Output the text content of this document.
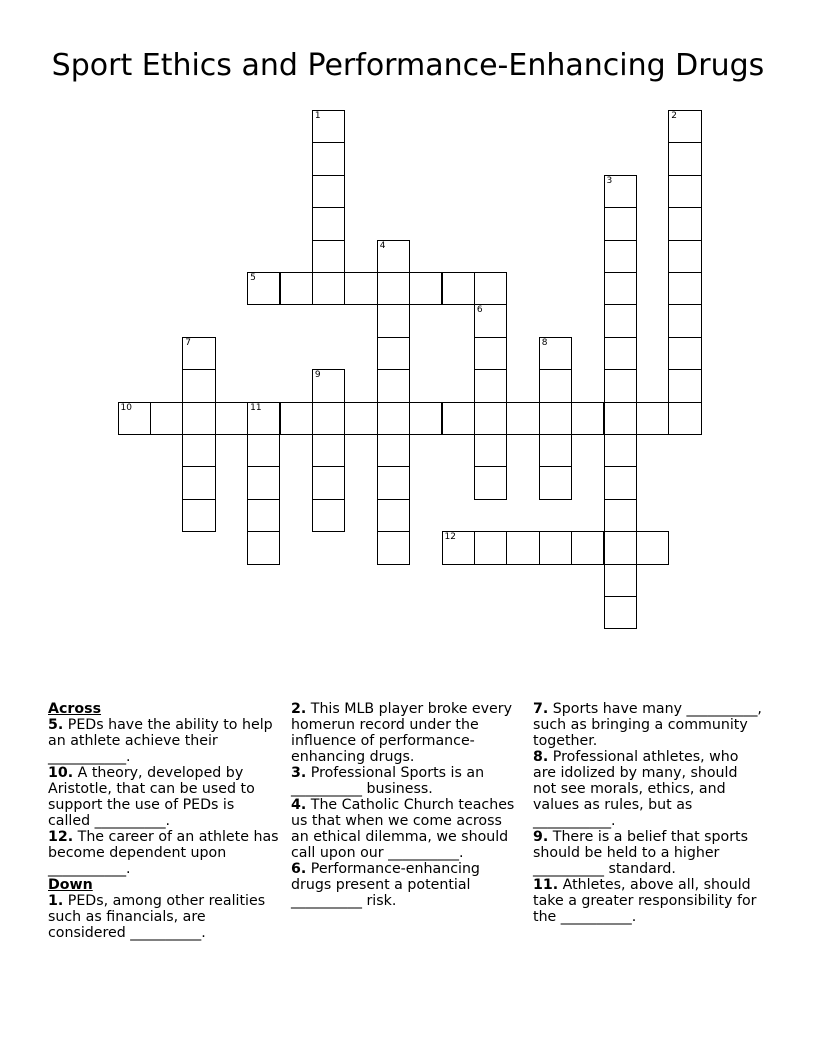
Sport Ethics and Performance-Enhancing Drugs
1	2
3
4
5
6
7	8
9
10	11
12
Across
5. PEDs have the ability to help an athlete achieve their ___________.
10. A theory, developed by Aristotle, that can be used to support the use of PEDs is called __________.
12. The career of an athlete has become dependent upon ___________.
Down
1. PEDs, among other realities such as financials, are considered __________.
2. This MLB player broke every homerun record under the influence of performance-enhancing drugs.
3. Professional Sports is an __________ business.
4. The Catholic Church teaches us that when we come across an ethical dilemma, we should call upon our __________.
6. Performance-enhancing drugs present a potential __________ risk.
7. Sports have many __________, such as bringing a community together.
8. Professional athletes, who are idolized by many, should not see morals, ethics, and values as rules, but as ___________.
9. There is a belief that sports should be held to a higher __________ standard.
11. Athletes, above all, should take a greater responsibility for the __________.
